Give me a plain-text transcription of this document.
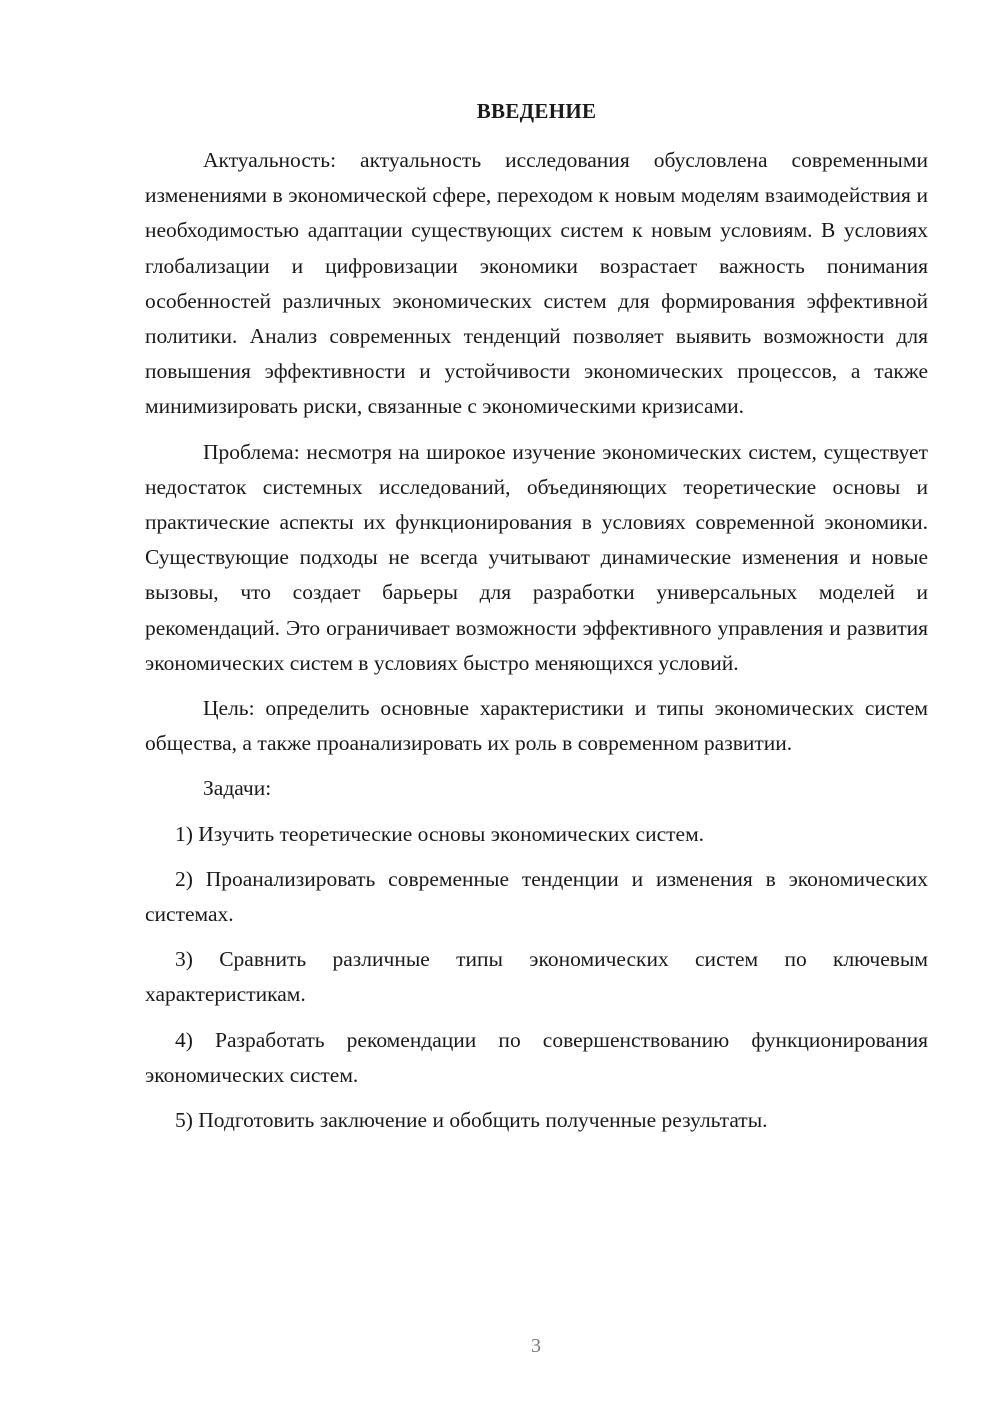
ВВЕДЕНИЕ

Актуальность: актуальность исследования обусловлена современными изменениями в экономической сфере, переходом к новым моделям взаимодействия и необходимостью адаптации существующих систем к новым условиям. В условиях глобализации и цифровизации экономики возрастает важность понимания особенностей различных экономических систем для формирования эффективной политики. Анализ современных тенденций позволяет выявить возможности для повышения эффективности и устойчивости экономических процессов, а также минимизировать риски, связанные с экономическими кризисами.

Проблема: несмотря на широкое изучение экономических систем, существует недостаток системных исследований, объединяющих теоретические основы и практические аспекты их функционирования в условиях современной экономики. Существующие подходы не всегда учитывают динамические изменения и новые вызовы, что создает барьеры для разработки универсальных моделей и рекомендаций. Это ограничивает возможности эффективного управления и развития экономических систем в условиях быстро меняющихся условий.

Цель: определить основные характеристики и типы экономических систем общества, а также проанализировать их роль в современном развитии.

Задачи:

1) Изучить теоретические основы экономических систем.

2) Проанализировать современные тенденции и изменения в экономических системах.

3) Сравнить различные типы экономических систем по ключевым характеристикам.

4) Разработать рекомендации по совершенствованию функционирования экономических систем.

5) Подготовить заключение и обобщить полученные результаты.

3
